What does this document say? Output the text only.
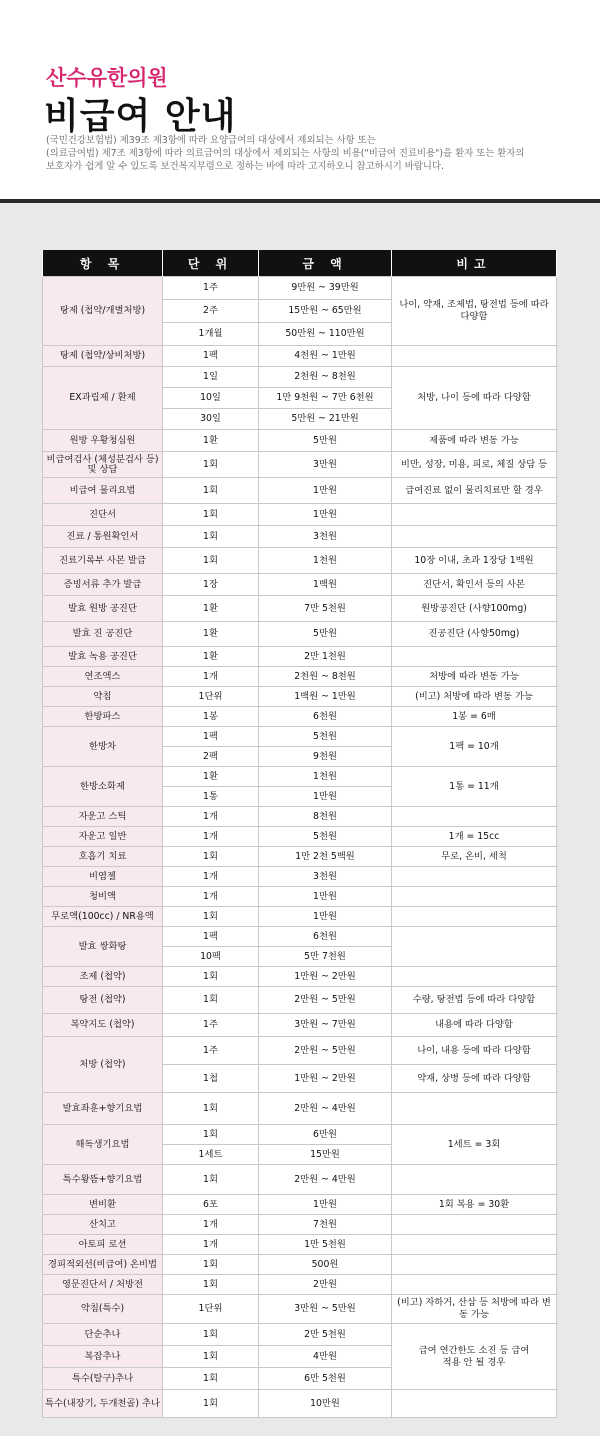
산수유한의원
비급여 안내
(국민건강보험법) 제39조 제3항에 따라 요양급여의 대상에서 제외되는 사항 또는
(의료급여법) 제7조 제3항에 따라 의료급여의 대상에서 제외되는 사항의 비용("비급여 진료비용")을 환자 또는 환자의
보호자가 쉽게 알 수 있도록 보건복지부령으로 정하는 바에 따라 고지하오니 참고하시기 바랍니다.
항 목	단 위	금 액	비고
탕제 (첩약/개별처방)	1주	9만원 ~ 39만원	나이, 약재, 조제법, 탕전법 등에 따라 다양함

	2주	15만원 ~ 65만원	
	1개월	50만원 ~ 110만원	
탕제 (첩약/상비처방)	1팩	4천원 ~ 1만원	
EX과립제 / 환제	1일	2천원 ~ 8천원	처방, 나이 등에 따라 다양함
	10일	1만 9천원 ~ 7만 6천원	
	30일	5만원 ~ 21만원	
원방 우황청심원	1환	5만원	제품에 따라 변동 가능
비급여검사 (체성분검사 등) 및 상담	1회	3만원	비만, 성장, 미용, 피로, 체질 상담 등
비급여 물리요법	1회	1만원	급여진료 없이 물리치료만 할 경우
진단서	1회	1만원	
진료 / 통원확인서	1회	3천원	
진료기록부 사본 발급	1회	1천원	10장 이내, 초과 1장당 1백원
증빙서류 추가 발급	1장	1백원	진단서, 확인서 등의 사본
발효 원방 공진단	1환	7만 5천원	원방공진단 (사향100mg)
발효 진 공진단	1환	5만원	진공진단 (사향50mg)
발효 녹용 공진단	1환	2만 1천원	
연조엑스	1개	2천원 ~ 8천원	처방에 따라 변동 가능
약침	1단위	1백원 ~ 1만원	(비고) 처방에 따라 변동 가능
한방파스	1봉	6천원	1봉 = 6매
한방차	1팩	5천원	1팩 = 10개
	2팩	9천원	
한방소화제	1환	1천원	1통 = 11개
	1통	1만원	
자운고 스틱	1개	8천원	
자운고 일반	1개	5천원	1개 = 15cc
호흡기 치료	1회	1만 2천 5백원	무로, 온비, 세척
비염젤	1개	3천원	
청비액	1개	1만원	
무로액(100cc) / NR용액	1회	1만원	
발효 쌍화탕	1팩	6천원	
	10팩	5만 7천원	
조제 (첩약)	1회	1만원 ~ 2만원	
탕전 (첩약)	1회	2만원 ~ 5만원	수량, 탕전법 등에 따라 다양함
복약지도 (첩약)	1주	3만원 ~ 7만원	내용에 따라 다양함
처방 (첩약)	1주	2만원 ~ 5만원	나이, 내용 등에 따라 다양함
	1첩	1만원 ~ 2만원	약재, 상병 등에 따라 다양함
발효좌훈+향기요법	1회	2만원 ~ 4만원	
해독생기요법	1회	6만원	1세트 = 3회
	1세트	15만원	
특수왕뜸+향기요법	1회	2만원 ~ 4만원	
변비환	6포	1만원	1회 복용 = 30환
산치고	1개	7천원	
아토피 로션	1개	1만 5천원	
경피적외선(비급여) 온비법	1회	500원	
영문진단서 / 처방전	1회	2만원	
약침(특수)	1단위	3만원 ~ 5만원	(비고) 자하거, 산삼 등 처방에 따라 변동 가능

단순추나	1회	2만 5천원	급여 연간한도 소진 등 급여적용 안 될 경우

복잡추나	1회	4만원	
특수(탈구)추나	1회	6만 5천원	
특수(내장기, 두개천골) 추나	1회	10만원	
